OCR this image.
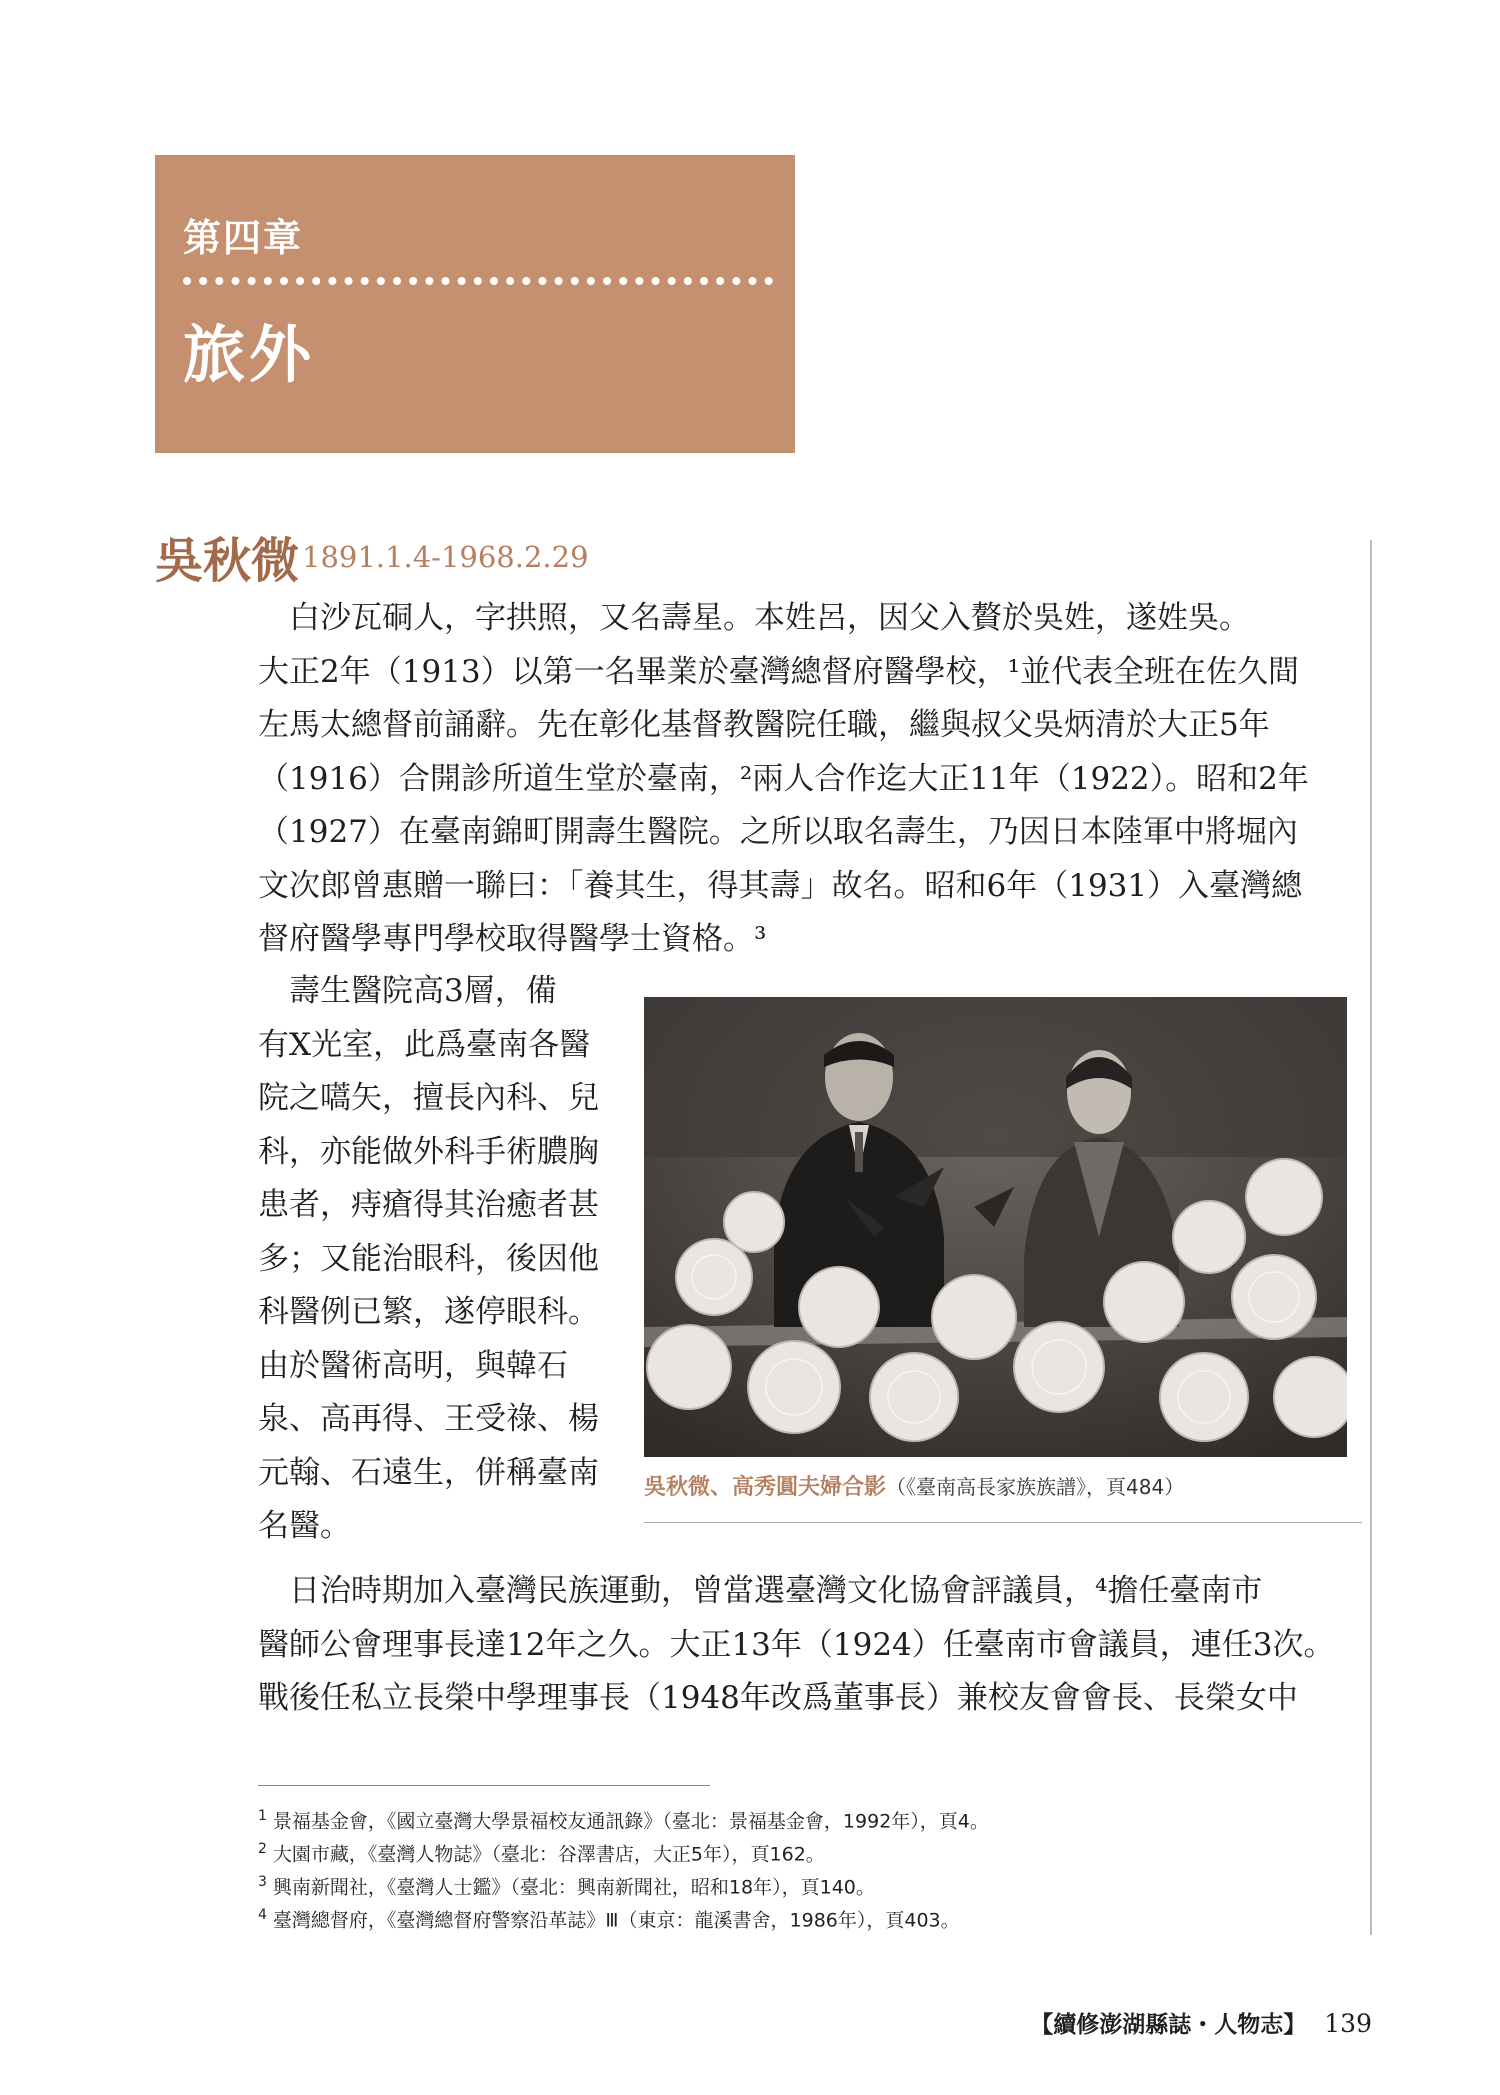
第四章
旅外
吳秋微 1891.1.4-1968.2.29

　白沙瓦硐人，字拱照，又名壽星。本姓呂，因父入贅於吳姓，遂姓吳。
大正2年（1913）以第一名畢業於臺灣總督府醫學校，¹並代表全班在佐久間
左馬太總督前誦辭。先在彰化基督教醫院任職，繼與叔父吳炳清於大正5年
（1916）合開診所道生堂於臺南，²兩人合作迄大正11年（1922）。昭和2年
（1927）在臺南錦町開壽生醫院。之所以取名壽生，乃因日本陸軍中將堀內
文次郎曾惠贈一聯曰：「養其生，得其壽」故名。昭和6年（1931）入臺灣總
督府醫學專門學校取得醫學士資格。³

　壽生醫院高3層，備
有X光室，此爲臺南各醫
院之嚆矢，擅長內科、兒
科，亦能做外科手術膿胸
患者，痔瘡得其治癒者甚
多；又能治眼科，後因他
科醫例已繁，遂停眼科。
由於醫術高明，與韓石
泉、高再得、王受祿、楊
元翰、石遠生，併稱臺南
名醫。

吳秋微、高秀圓夫婦合影（《臺南高長家族族譜》，頁484）

　日治時期加入臺灣民族運動，曾當選臺灣文化協會評議員，⁴擔任臺南市
醫師公會理事長達12年之久。大正13年（1924）任臺南市會議員，連任3次。
戰後任私立長榮中學理事長（1948年改爲董事長）兼校友會會長、長榮女中

$^1$ 景福基金會，《國立臺灣大學景福校友通訊錄》（臺北：景福基金會，1992年），頁4。
$^2$ 大園市藏，《臺灣人物誌》（臺北：谷澤書店，大正5年），頁162。
$^3$ 興南新聞社，《臺灣人士鑑》（臺北：興南新聞社，昭和18年），頁140。
$^4$ 臺灣總督府，《臺灣總督府警察沿革誌》Ⅲ（東京：龍溪書舍，1986年），頁403。
【續修澎湖縣誌・人物志】 139
